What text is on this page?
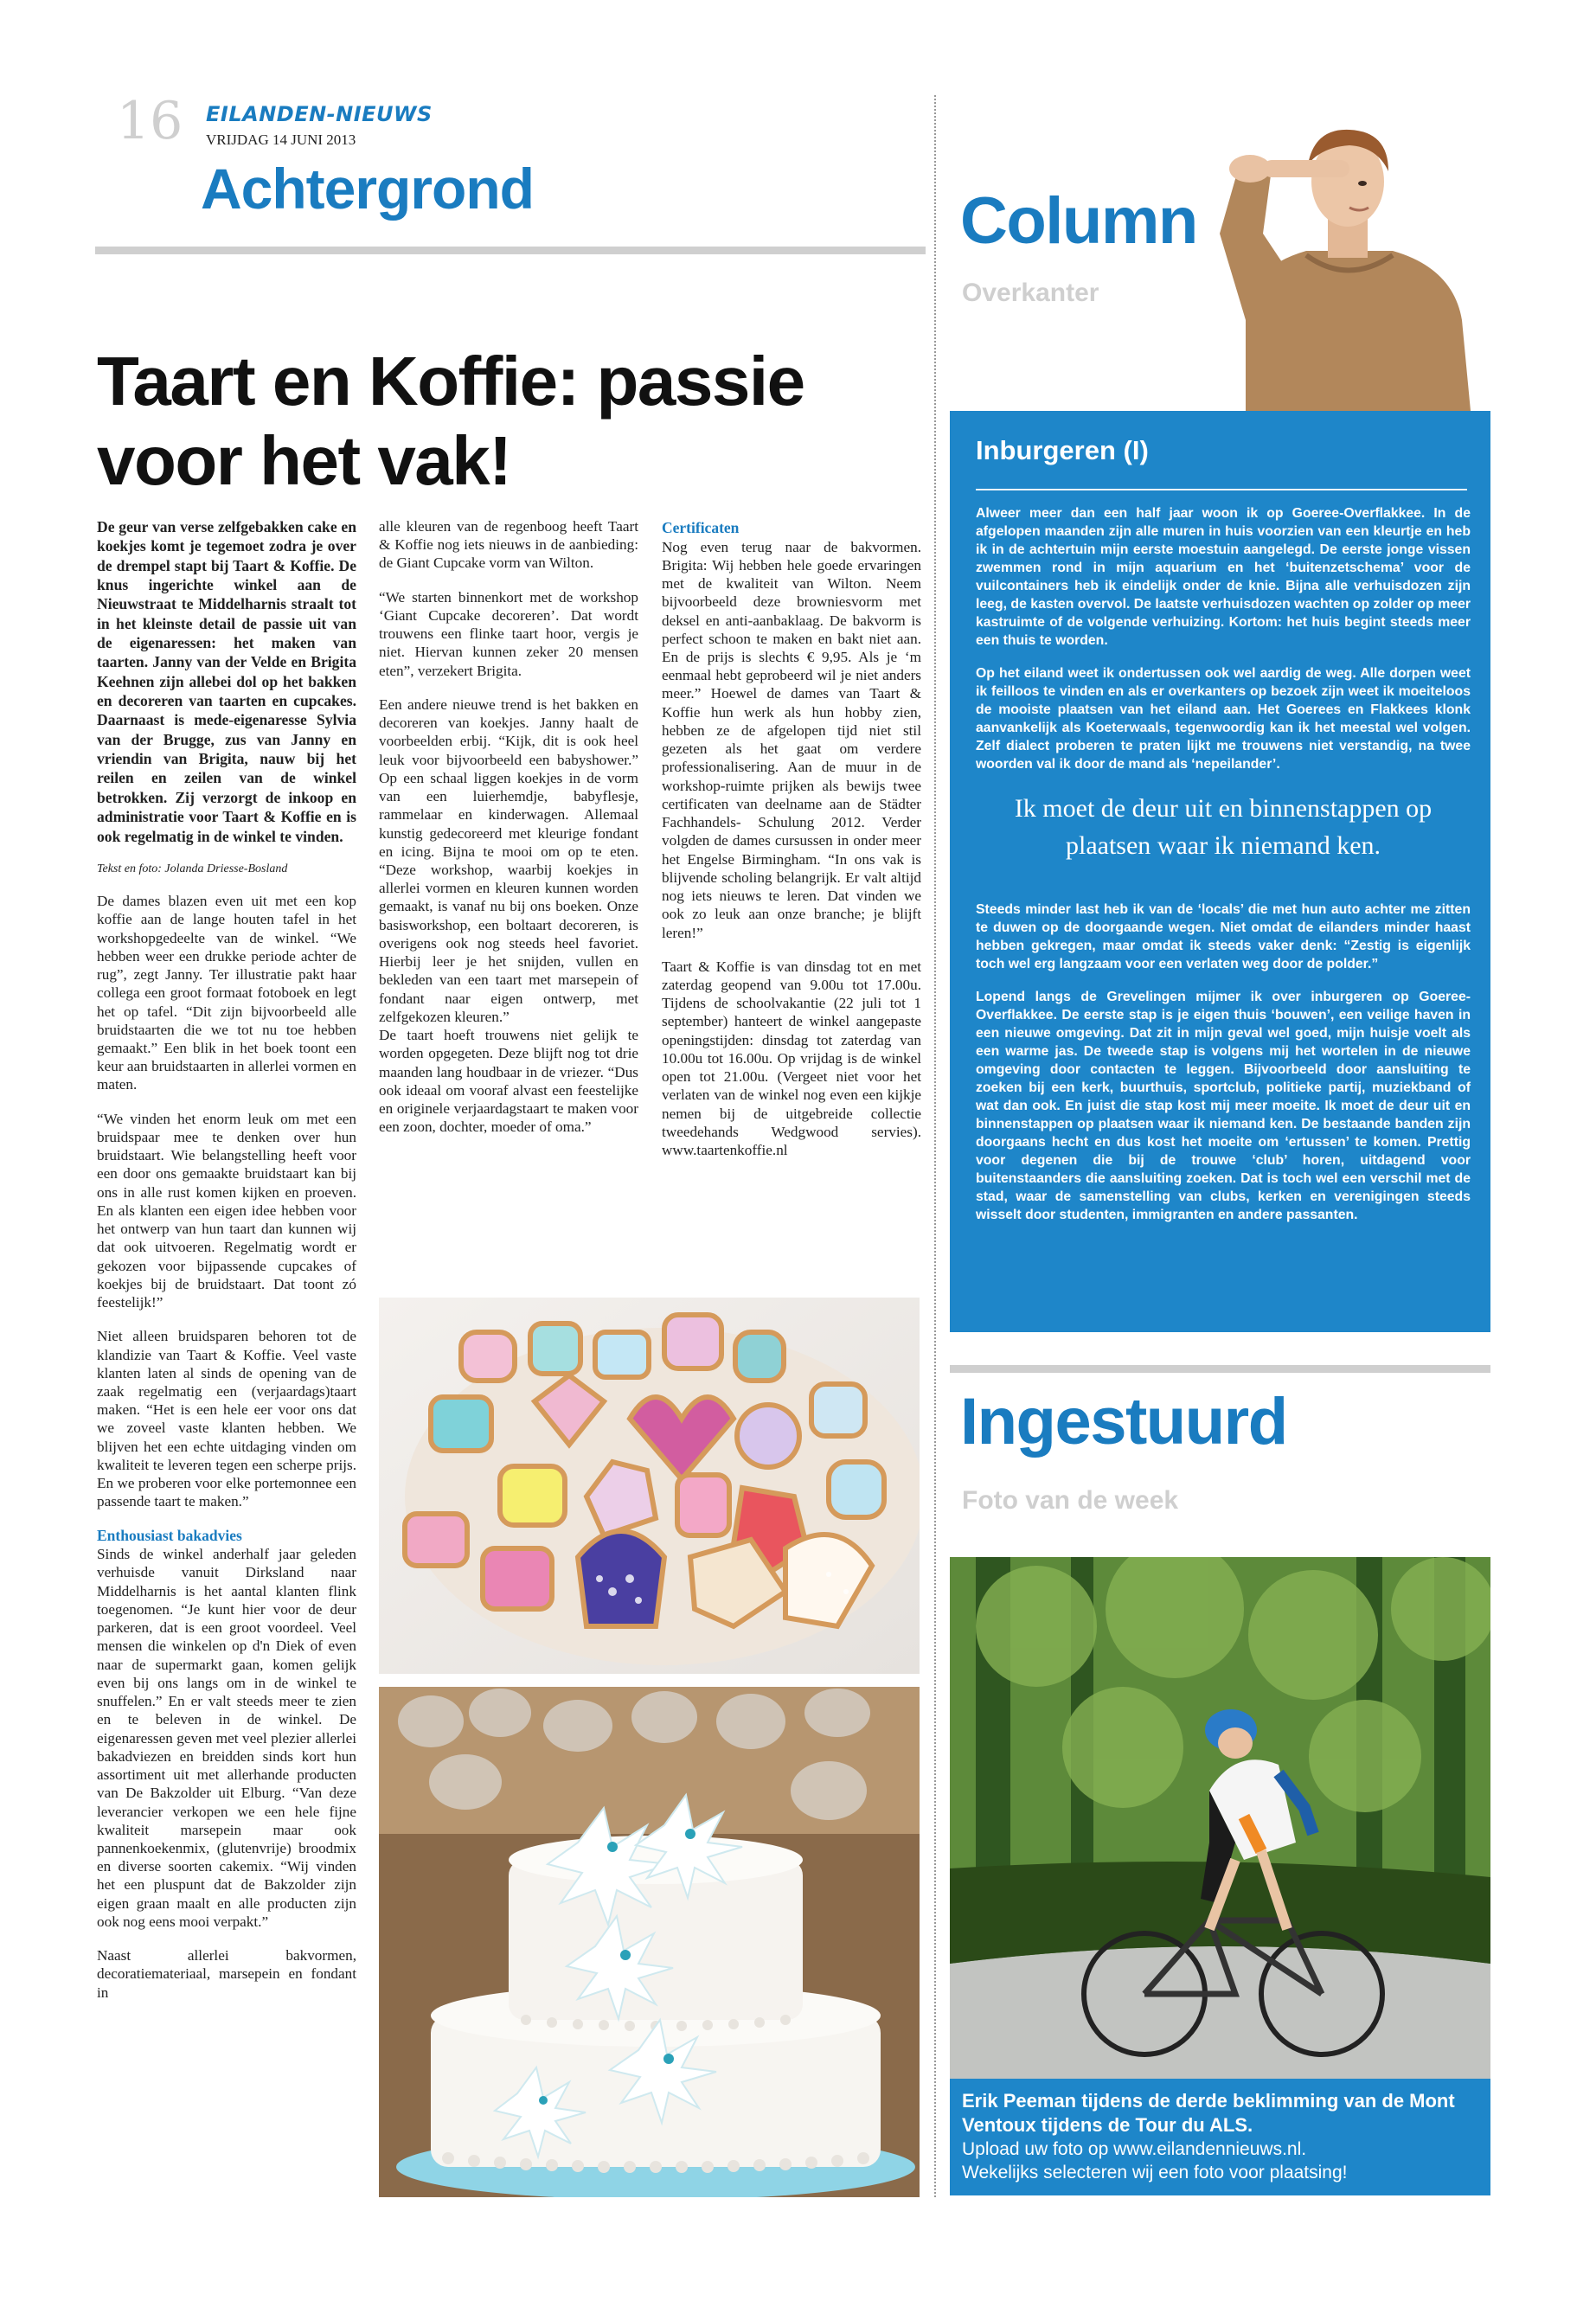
16 EILANDEN-NIEUWS
VRIJDAG 14 JUNI 2013
Achtergrond
Taart en Koffie: passie voor het vak!

De geur van verse zelfgebakken cake en koekjes komt je tegemoet zodra je over de drempel stapt bij Taart & Koffie. De knus ingerichte winkel aan de Nieuwstraat te Middelharnis straalt tot in het kleinste detail de passie uit van de eigenaressen: het maken van taarten. Janny van der Velde en Brigita Keehnen zijn allebei dol op het bakken en decoreren van taarten en cupcakes. Daarnaast is mede-eigenaresse Sylvia van der Brugge, zus van Janny en vriendin van Brigita, nauw bij het reilen en zeilen van de winkel betrokken. Zij verzorgt de inkoop en administratie voor Taart & Koffie en is ook regelmatig in de winkel te vinden.

Tekst en foto: Jolanda Driesse-Bosland

De dames blazen even uit met een kop koffie aan de lange houten tafel in het workshopgedeelte van de winkel. “We hebben weer een drukke periode achter de rug”, zegt Janny. Ter illustratie pakt haar collega een groot formaat fotoboek en legt het op tafel. “Dit zijn bijvoorbeeld alle bruidstaarten die we tot nu toe hebben gemaakt.” Een blik in het boek toont een keur aan bruidstaarten in allerlei vormen en maten.

“We vinden het enorm leuk om met een bruidspaar mee te denken over hun bruidstaart. Wie belangstelling heeft voor een door ons gemaakte bruidstaart kan bij ons in alle rust komen kijken en proeven. En als klanten een eigen idee hebben voor het ontwerp van hun taart dan kunnen wij dat ook uitvoeren. Regelmatig wordt er gekozen voor bijpassende cupcakes of koekjes bij de bruidstaart. Dat toont zó feestelijk!”

Niet alleen bruidsparen behoren tot de klandizie van Taart & Koffie. Veel vaste klanten laten al sinds de opening van de zaak regelmatig een (verjaardags)taart maken. “Het is een hele eer voor ons dat we zoveel vaste klanten hebben. We blijven het een echte uitdaging vinden om kwaliteit te leveren tegen een scherpe prijs. En we proberen voor elke portemonnee een passende taart te maken.”

Enthousiast bakadvies

Sinds de winkel anderhalf jaar geleden verhuisde vanuit Dirksland naar Middelharnis is het aantal klanten flink toegenomen. “Je kunt hier voor de deur parkeren, dat is een groot voordeel. Veel mensen die winkelen op d'n Diek of even naar de supermarkt gaan, komen gelijk even bij ons langs om in de winkel te snuffelen.” En er valt steeds meer te zien en te beleven in de winkel. De eigenaressen geven met veel plezier allerlei bakadviezen en breidden sinds kort hun assortiment uit met allerhande producten van De Bakzolder uit Elburg. “Van deze leverancier verkopen we een hele fijne kwaliteit marsepein maar ook pannenkoekenmix, (glutenvrije) broodmix en diverse soorten cakemix. “Wij vinden het een pluspunt dat de Bakzolder zijn eigen graan maalt en alle producten zijn ook nog eens mooi verpakt.”

Naast allerlei bakvormen, decoratiemateriaal, marsepein en fondant in

alle kleuren van de regenboog heeft Taart & Koffie nog iets nieuws in de aanbieding: de Giant Cupcake vorm van Wilton.

“We starten binnenkort met de workshop ‘Giant Cupcake decoreren’. Dat wordt trouwens een flinke taart hoor, vergis je niet. Hiervan kunnen zeker 20 mensen eten”, verzekert Brigita.

Een andere nieuwe trend is het bakken en decoreren van koekjes. Janny haalt de voorbeelden erbij. “Kijk, dit is ook heel leuk voor bijvoorbeeld een babyshower.” Op een schaal liggen koekjes in de vorm van een luierhemdje, babyflesje, rammelaar en kinderwagen. Allemaal kunstig gedecoreerd met kleurige fondant en icing. Bijna te mooi om op te eten. “Deze workshop, waarbij koekjes in allerlei vormen en kleuren kunnen worden gemaakt, is vanaf nu bij ons boeken. Onze basisworkshop, een boltaart decoreren, is overigens ook nog steeds heel favoriet. Hierbij leer je het snijden, vullen en bekleden van een taart met marsepein of fondant naar eigen ontwerp, met zelfgekozen kleuren.”

De taart hoeft trouwens niet gelijk te worden opgegeten. Deze blijft nog tot drie maanden lang houdbaar in de vriezer. “Dus ook ideaal om vooraf alvast een feestelijke en originele verjaardagstaart te maken voor een zoon, dochter, moeder of oma.”

Certificaten

Nog even terug naar de bakvormen. Brigita: Wij hebben hele goede ervaringen met de kwaliteit van Wilton. Neem bijvoorbeeld deze browniesvorm met deksel en anti-aanbaklaag. De bakvorm is perfect schoon te maken en bakt niet aan. En de prijs is slechts € 9,95. Als je ‘m eenmaal hebt geprobeerd wil je niet anders meer.” Hoewel de dames van Taart & Koffie hun werk als hun hobby zien, hebben ze de afgelopen tijd niet stil gezeten als het gaat om verdere professionalisering. Aan de muur in de workshop-ruimte prijken als bewijs twee certificaten van deelname aan de Städter Fachhandels- Schulung 2012. Verder volgden de dames cursussen in onder meer het Engelse Birmingham. “In ons vak is blijvende scholing belangrijk. Er valt altijd nog iets nieuws te leren. Dat vinden we ook zo leuk aan onze branche; je blijft leren!”

Taart & Koffie is van dinsdag tot en met zaterdag geopend van 9.00u tot 17.00u. Tijdens de schoolvakantie (22 juli tot 1 september) hanteert de winkel aangepaste openingstijden: dinsdag tot zaterdag van 10.00u tot 16.00u. Op vrijdag is de winkel open tot 21.00u. (Vergeet niet voor het verlaten van de winkel nog even een kijkje nemen bij de uitgebreide collectie tweedehands Wedgwood servies). www.taartenkoffie.nl

Column
Overkanter
Inburgeren (I)

Alweer meer dan een half jaar woon ik op Goeree-Overflakkee. In de afgelopen maanden zijn alle muren in huis voorzien van een kleurtje en heb ik in de achtertuin mijn eerste moestuin aangelegd. De eerste jonge vissen zwemmen rond in mijn aquarium en het ‘buitenzetschema’ voor de vuilcontainers heb ik eindelijk onder de knie. Bijna alle verhuisdozen zijn leeg, de kasten overvol. De laatste verhuisdozen wachten op zolder op meer kastruimte of de volgende verhuizing. Kortom: het huis begint steeds meer een thuis te worden.

Op het eiland weet ik ondertussen ook wel aardig de weg. Alle dorpen weet ik feilloos te vinden en als er overkanters op bezoek zijn weet ik moeiteloos de mooiste plaatsen van het eiland aan. Het Goerees en Flakkees klonk aanvankelijk als Koeterwaals, tegenwoordig kan ik het meestal wel volgen. Zelf dialect proberen te praten lijkt me trouwens niet verstandig, na twee woorden val ik door de mand als ‘nepeilander’.

Ik moet de deur uit en binnenstappen op plaatsen waar ik niemand ken.

Steeds minder last heb ik van de ‘locals’ die met hun auto achter me zitten te duwen op de doorgaande wegen. Niet omdat de eilanders minder haast hebben gekregen, maar omdat ik steeds vaker denk: “Zestig is eigenlijk toch wel erg langzaam voor een verlaten weg door de polder.”

Lopend langs de Grevelingen mijmer ik over inburgeren op Goeree-Overflakkee. De eerste stap is je eigen thuis ‘bouwen’, een veilige haven in een nieuwe omgeving. Dat zit in mijn geval wel goed, mijn huisje voelt als een warme jas. De tweede stap is volgens mij het wortelen in de nieuwe omgeving door contacten te leggen. Bijvoorbeeld door aansluiting te zoeken bij een kerk, buurthuis, sportclub, politieke partij, muziekband of wat dan ook. En juist die stap kost mij meer moeite. Ik moet de deur uit en binnenstappen op plaatsen waar ik niemand ken. De bestaande banden zijn doorgaans hecht en dus kost het moeite om ‘ertussen’ te komen. Prettig voor degenen die bij de trouwe ‘club’ horen, uitdagend voor buitenstaanders die aansluiting zoeken. Dat is toch wel een verschil met de stad, waar de samenstelling van clubs, kerken en verenigingen steeds wisselt door studenten, immigranten en andere passanten.

Ingestuurd
Foto van de week
Erik Peeman tijdens de derde beklimming van de Mont Ventoux tijdens de Tour du ALS.
Upload uw foto op www.eilandennieuws.nl.
Wekelijks selecteren wij een foto voor plaatsing!
